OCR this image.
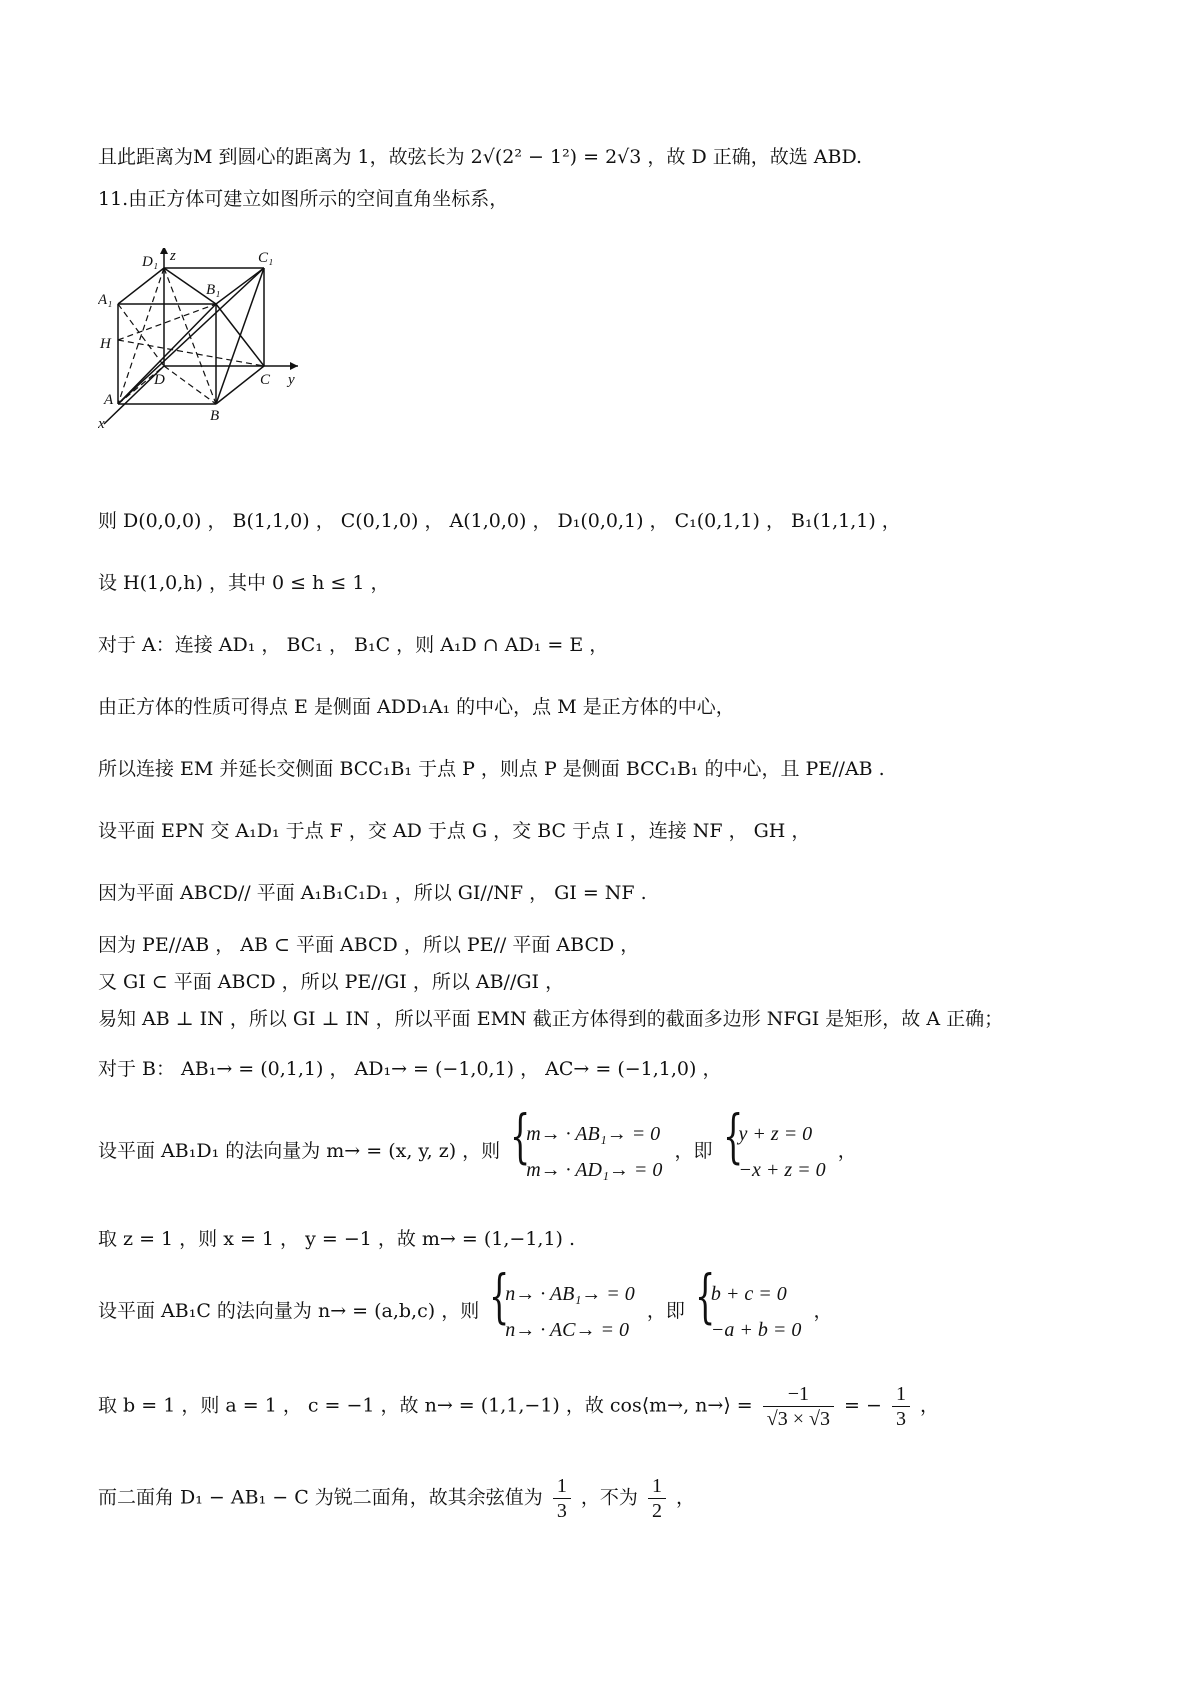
且此距离为M 到圆心的距离为 1，故弦长为 2√(2² − 1²) = 2√3 ，故 D 正确，故选 ABD.
11.由正方体可建立如图所示的空间直角坐标系，
z
y
x
D₁	C₁
A₁
B₁
H
D	C
A
B
则 D(0,0,0) ， B(1,1,0) ， C(0,1,0) ， A(1,0,0) ， D₁(0,0,1) ， C₁(0,1,1) ， B₁(1,1,1) ，
设 H(1,0,h) ，其中 0 ≤ h ≤ 1 ，
对于 A：连接 AD₁ ， BC₁ ， B₁C ，则 A₁D ∩ AD₁ = E ，
由正方体的性质可得点 E 是侧面 ADD₁A₁ 的中心，点 M 是正方体的中心，
所以连接 EM 并延长交侧面 BCC₁B₁ 于点 P ，则点 P 是侧面 BCC₁B₁ 的中心，且 PE//AB .
设平面 EPN 交 A₁D₁ 于点 F ，交 AD 于点 G ，交 BC 于点 I ，连接 NF ， GH ，
因为平面 ABCD// 平面 A₁B₁C₁D₁ ，所以 GI//NF ， GI = NF .
因为 PE//AB ， AB ⊂ 平面 ABCD ，所以 PE// 平面 ABCD ，
又 GI ⊂ 平面 ABCD ，所以 PE//GI ，所以 AB//GI ，
易知 AB ⊥ IN ，所以 GI ⊥ IN ，所以平面 EMN 截正方体得到的截面多边形 NFGI 是矩形，故 A 正确；
对于 B： AB₁→ = (0,1,1) ， AD₁→ = (−1,0,1) ， AC→ = (−1,1,0) ，
设平面 AB₁D₁ 的法向量为 m→ = (x, y, z) ，则
{ m→ · AB₁→ = 0
m→ · AD₁→ = 0
，即
{ y + z = 0
−x + z = 0
，
取 z = 1 ，则 x = 1 ， y = −1 ，故 m→ = (1,−1,1) .
设平面 AB₁C 的法向量为 n→ = (a,b,c) ，则
{ n→ · AB₁→ = 0
n→ · AC→ = 0
，即
{ b + c = 0
−a + b = 0
，
取 b = 1 ，则 a = 1 ， c = −1 ，故 n→ = (1,1,−1) ，故 cos⟨m→, n→⟩ = $\frac{-1}{√3 \times √3}$ = − $\frac{1}{3}$ ，
而二面角 D₁ − AB₁ − C 为锐二面角，故其余弦值为 $\frac{1}{3}$ ，不为 $\frac{1}{2}$ ，
